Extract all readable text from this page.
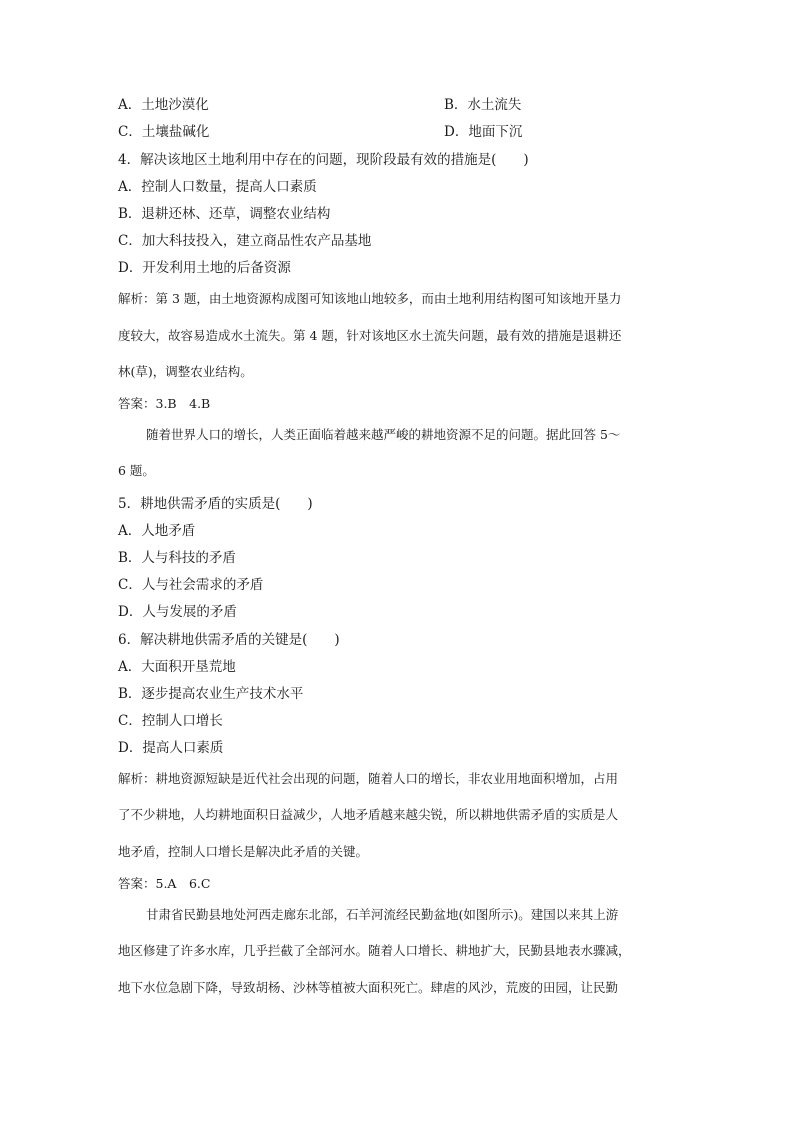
A．土地沙漠化	B．水土流失
C．土壤盐碱化	D．地面下沉
4．解决该地区土地利用中存在的问题，现阶段最有效的措施是(　　)
A．控制人口数量，提高人口素质
B．退耕还林、还草，调整农业结构
C．加大科技投入，建立商品性农产品基地
D．开发利用土地的后备资源
解析：第 3 题，由土地资源构成图可知该地山地较多，而由土地利用结构图可知该地开垦力
度较大，故容易造成水土流失。第 4 题，针对该地区水土流失问题，最有效的措施是退耕还
林(草)，调整农业结构。
答案：3.B　4.B
随着世界人口的增长，人类正面临着越来越严峻的耕地资源不足的问题。据此回答 5～
6 题。
5．耕地供需矛盾的实质是(　　)
A．人地矛盾
B．人与科技的矛盾
C．人与社会需求的矛盾
D．人与发展的矛盾
6．解决耕地供需矛盾的关键是(　　)
A．大面积开垦荒地
B．逐步提高农业生产技术水平
C．控制人口增长
D．提高人口素质
解析：耕地资源短缺是近代社会出现的问题，随着人口的增长，非农业用地面积增加，占用
了不少耕地，人均耕地面积日益减少，人地矛盾越来越尖锐，所以耕地供需矛盾的实质是人
地矛盾，控制人口增长是解决此矛盾的关键。
答案：5.A　6.C
甘肃省民勤县地处河西走廊东北部，石羊河流经民勤盆地(如图所示)。建国以来其上游
地区修建了许多水库，几乎拦截了全部河水。随着人口增长、耕地扩大，民勤县地表水骤减，
地下水位急剧下降，导致胡杨、沙林等植被大面积死亡。肆虐的风沙，荒废的田园，让民勤
